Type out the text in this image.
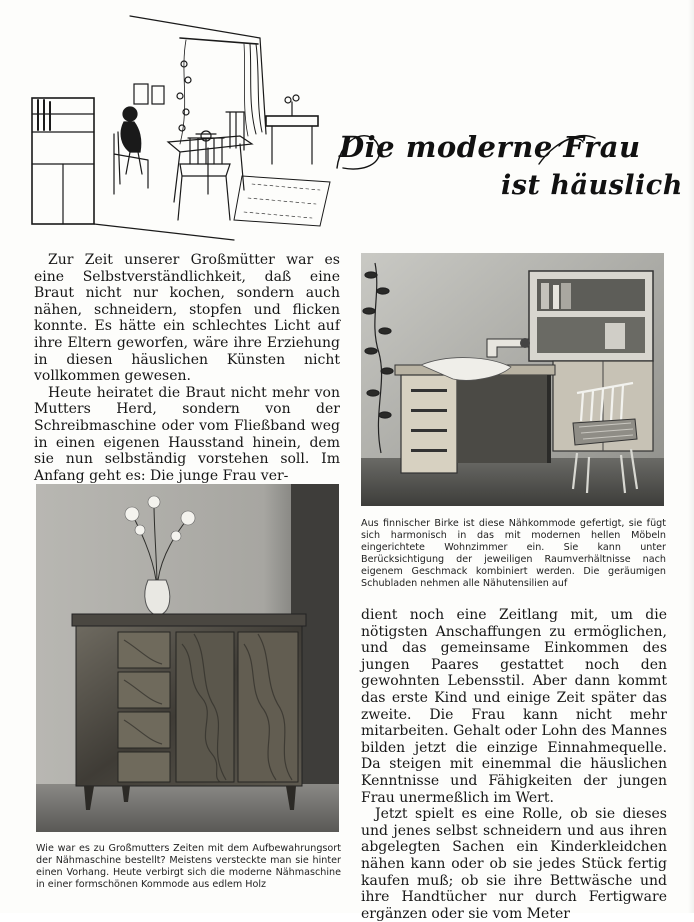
Die moderne Frau
ist häuslich

Zur Zeit unserer Großmütter war es eine Selbstverständlichkeit, daß eine Braut nicht nur kochen, sondern auch nähen, schneidern, stopfen und flicken konnte. Es hätte ein schlechtes Licht auf ihre Eltern geworfen, wäre ihre Erziehung in diesen häuslichen Künsten nicht vollkommen gewesen.

Heute heiratet die Braut nicht mehr von Mutters Herd, sondern von der Schreibmaschine oder vom Fließband weg in einen eigenen Hausstand hinein, dem sie nun selbständig vorstehen soll. Im Anfang geht es: Die junge Frau ver-

Aus finnischer Birke ist diese Nähkommode gefertigt, sie fügt sich harmonisch in das mit modernen hellen Möbeln eingerichtete Wohnzimmer ein. Sie kann unter Berücksichtigung der jeweiligen Raumverhältnisse nach eigenem Geschmack kombiniert werden. Die geräumigen Schubladen nehmen alle Nähutensilien auf

Wie war es zu Großmutters Zeiten mit dem Aufbewahrungsort der Nähmaschine bestellt? Meistens versteckte man sie hinter einen Vorhang. Heute verbirgt sich die moderne Nähmaschine in einer formschönen Kommode aus edlem Holz

dient noch eine Zeitlang mit, um die nötigsten Anschaffungen zu ermöglichen, und das gemeinsame Einkommen des jungen Paares gestattet noch den gewohnten Lebensstil. Aber dann kommt das erste Kind und einige Zeit später das zweite. Die Frau kann nicht mehr mitarbeiten. Gehalt oder Lohn des Mannes bilden jetzt die einzige Einnahmequelle. Da steigen mit einemmal die häuslichen Kenntnisse und Fähigkeiten der jungen Frau unermeßlich im Wert.

Jetzt spielt es eine Rolle, ob sie dieses und jenes selbst schneidern und aus ihren abgelegten Sachen ein Kinderkleidchen nähen kann oder ob sie jedes Stück fertig kaufen muß; ob sie ihre Bettwäsche und ihre Handtücher nur durch Fertigware ergänzen oder sie vom Meter
